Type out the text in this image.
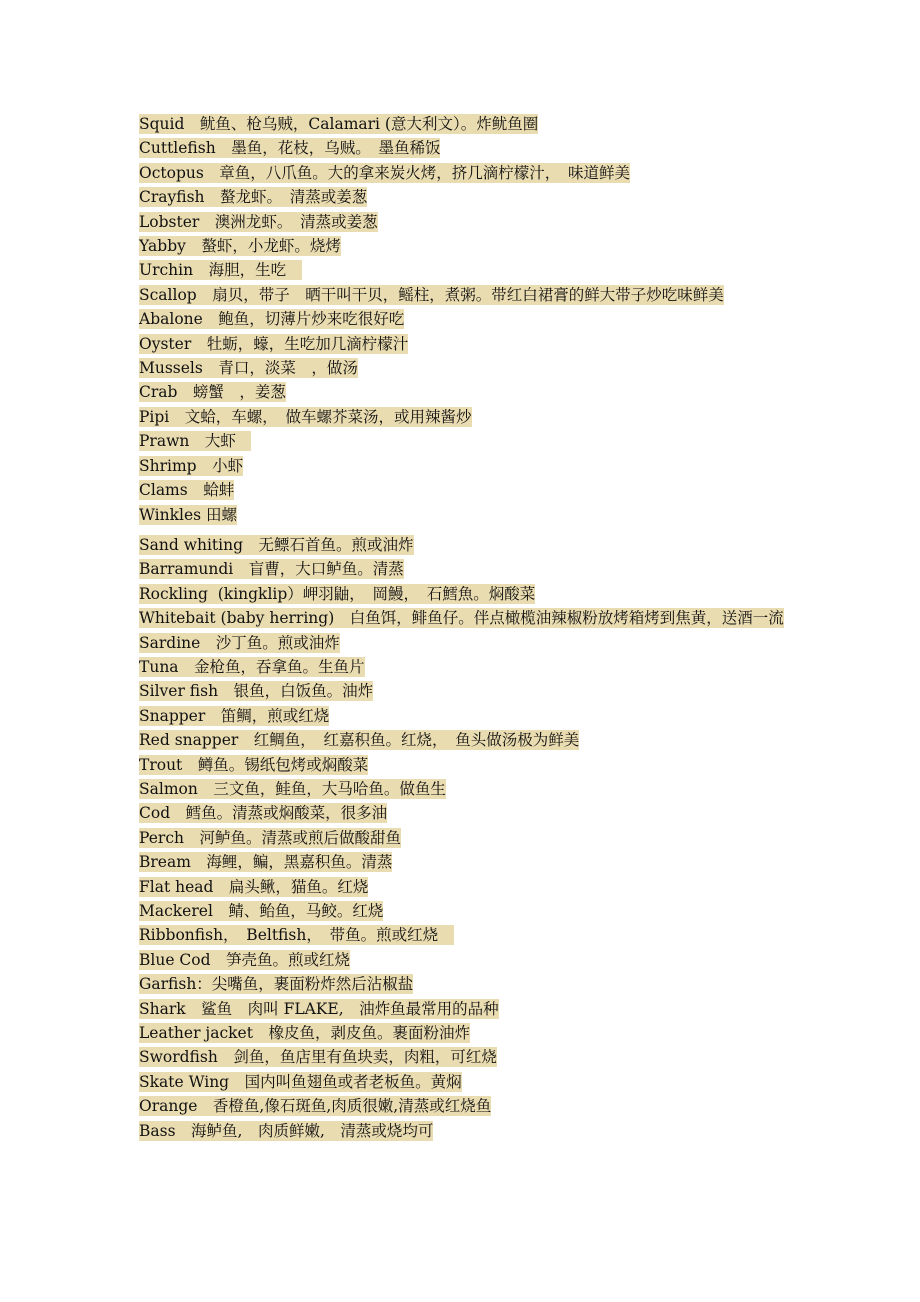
Squid　鱿鱼、枪乌贼，Calamari (意大利文）。炸鱿鱼圈
Cuttlefish　墨鱼，花枝，乌贼。　墨鱼稀饭
Octopus　章鱼，八爪鱼。大的拿来炭火烤，挤几滴柠檬汁，　味道鲜美
Crayfish　螯龙虾。　清蒸或姜葱
Lobster　澳洲龙虾。　清蒸或姜葱
Yabby　螯虾，小龙虾。烧烤
Urchin　海胆，生吃　
Scallop　扇贝，带子　晒干叫干贝，鳐柱，煮粥。带红白裙膏的鲜大带子炒吃味鲜美
Abalone　鲍鱼，切薄片炒来吃很好吃
Oyster　牡蛎，蠔，生吃加几滴柠檬汁
Mussels　青口，淡菜　，做汤
Crab　螃蟹　，姜葱
Pipi　文蛤，车螺，　做车螺芥菜汤，或用辣酱炒
Prawn　大虾　
Shrimp　小虾
Clams　蛤蚌
Winkles 田螺
Sand whiting　无鳔石首鱼。煎或油炸
Barramundi　盲曹，大口鲈鱼。清蒸
Rockling  (kingklip）岬羽鼬，　岡鰻，　石鱈魚。焖酸菜
Whitebait (baby herring)　白鱼饵，鲱鱼仔。伴点橄榄油辣椒粉放烤箱烤到焦黄，送酒一流
Sardine　沙丁鱼。煎或油炸
Tuna　金枪鱼，吞拿鱼。生鱼片
Silver fish　银鱼，白饭鱼。油炸
Snapper　笛鲷，煎或红烧
Red snapper　红鲷鱼，　红嘉积鱼。红烧，　鱼头做汤极为鲜美
Trout　鳟鱼。锡纸包烤或焖酸菜
Salmon　三文鱼，鲑鱼，大马哈鱼。做鱼生
Cod　鳕鱼。清蒸或焖酸菜，很多油
Perch　河鲈鱼。清蒸或煎后做酸甜鱼
Bream　海鲤，鳊，黑嘉积鱼。清蒸
Flat head　扁头鳅，猫鱼。红烧
Mackerel　鲭、鲐鱼，马鲛。红烧
Ribbonfish，　Beltfish，　带鱼。煎或红烧　
Blue Cod　笋壳鱼。煎或红烧
Garfish：尖嘴鱼，裹面粉炸然后沾椒盐
Shark　鲨鱼　肉叫 FLAKE,　油炸鱼最常用的品种
Leather jacket　橡皮鱼，剥皮鱼。裹面粉油炸
Swordfish　剑鱼，鱼店里有鱼块卖，肉粗，可红烧
Skate Wing　国内叫鱼翅鱼或者老板鱼。黄焖
Orange　香橙鱼,像石斑鱼,肉质很嫩,清蒸或红烧鱼
Bass　海鲈鱼,　肉质鲜嫩,　清蒸或烧均可
